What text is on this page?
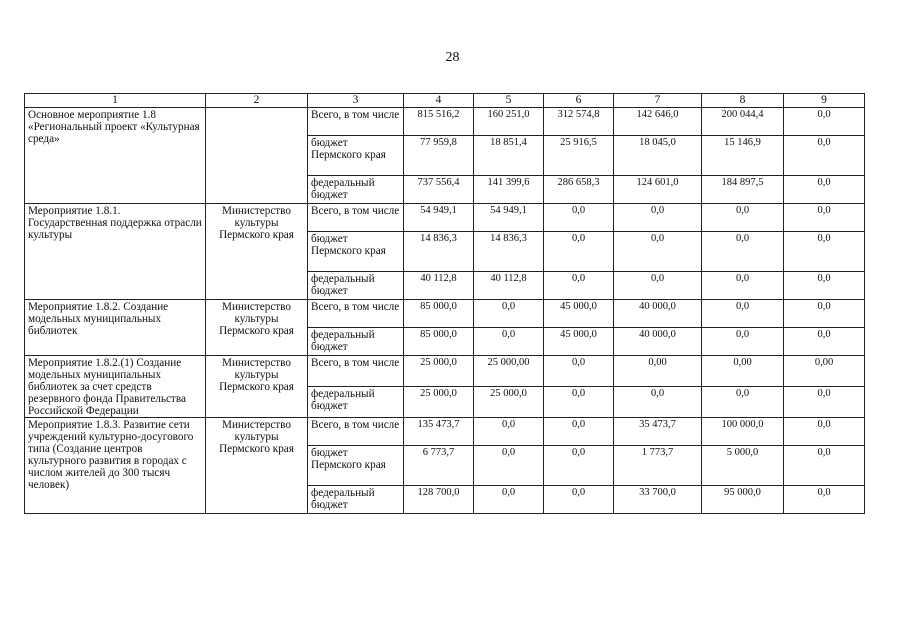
28
1	2	3	4	5	6	7	8	9
Основное мероприятие 1.8 «Региональный проект «Культурная среда»		Всего, в том числе	815 516,2	160 251,0	312 574,8	142 646,0	200 044,4	0,0
		бюджет Пермского края	77 959,8	18 851,4	25 916,5	18 045,0	15 146,9	0,0
		федеральный бюджет	737 556,4	141 399,6	286 658,3	124 601,0	184 897,5	0,0
Мероприятие 1.8.1. Государственная поддержка отрасли культуры	Министерство культуры Пермского края	Всего, в том числе	54 949,1	54 949,1	0,0	0,0	0,0	0,0
		бюджет Пермского края	14 836,3	14 836,3	0,0	0,0	0,0	0,0
		федеральный бюджет	40 112,8	40 112,8	0,0	0,0	0,0	0,0
Мероприятие 1.8.2. Создание модельных муниципальных библиотек	Министерство культуры Пермского края	Всего, в том числе	85 000,0	0,0	45 000,0	40 000,0	0,0	0,0
		федеральный бюджет	85 000,0	0,0	45 000,0	40 000,0	0,0	0,0
Мероприятие 1.8.2.(1) Создание модельных муниципальных библиотек за счет средств резервного фонда Правительства Российской Федерации	Министерство культуры Пермского края	Всего, в том числе	25 000,0	25 000,00	0,0	0,00	0,00	0,00
		федеральный бюджет	25 000,0	25 000,0	0,0	0,0	0,0	0,0
Мероприятие 1.8.3. Развитие сети учреждений культурно-досугового типа (Создание центров культурного развития в городах с числом жителей до 300 тысяч человек)	Министерство культуры Пермского края	Всего, в том числе	135 473,7	0,0	0,0	35 473,7	100 000,0	0,0
		бюджет Пермского края	6 773,7	0,0	0,0	1 773,7	5 000,0	0,0
		федеральный бюджет	128 700,0	0,0	0,0	33 700,0	95 000,0	0,0
